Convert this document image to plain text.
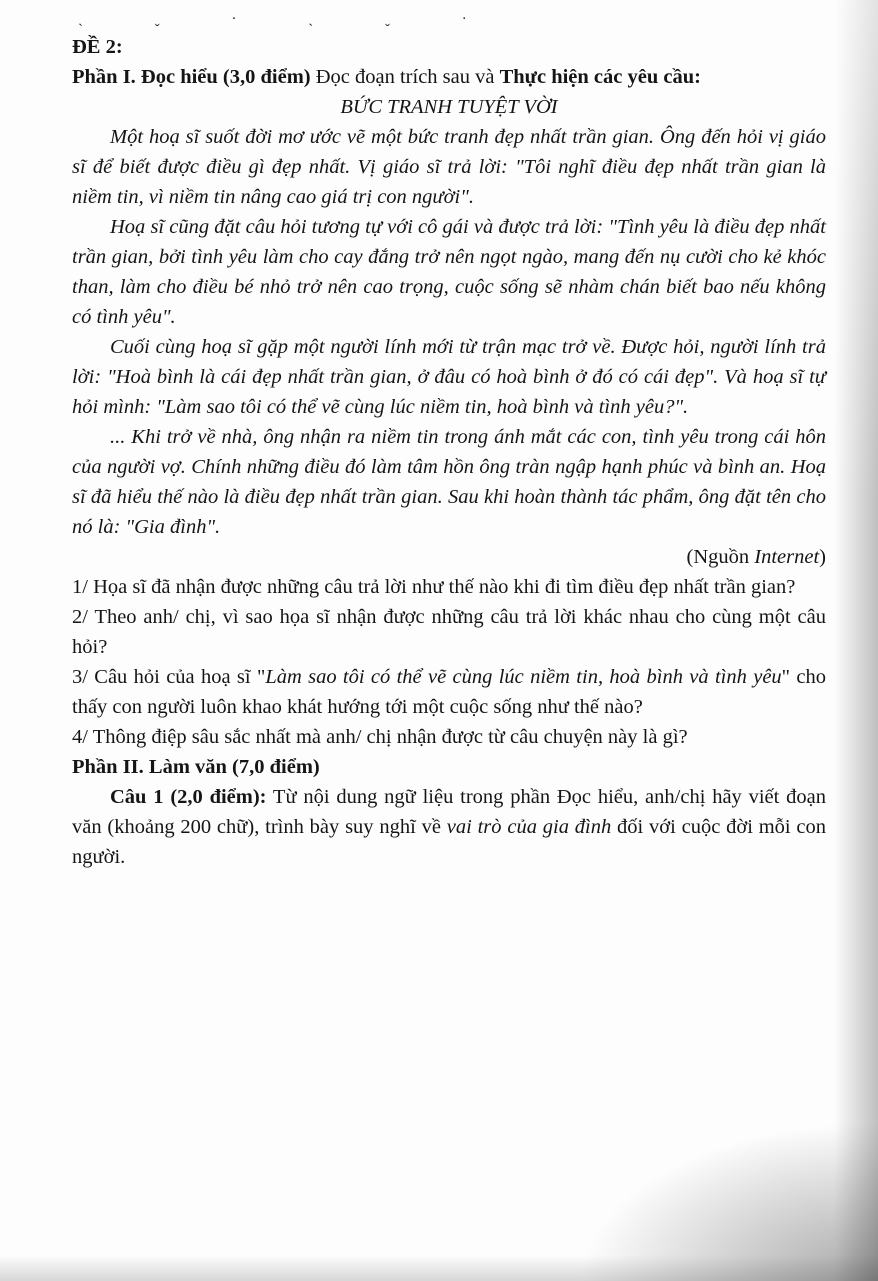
ˏ ˬ · ˏ ˬ ·

ĐỀ 2:

Phần I. Đọc hiểu (3,0 điểm) Đọc đoạn trích sau và Thực hiện các yêu cầu:

BỨC TRANH TUYỆT VỜI

Một hoạ sĩ suốt đời mơ ước vẽ một bức tranh đẹp nhất trần gian. Ông đến hỏi vị giáo sĩ để biết được điều gì đẹp nhất. Vị giáo sĩ trả lời: "Tôi nghĩ điều đẹp nhất trần gian là niềm tin, vì niềm tin nâng cao giá trị con người".

Hoạ sĩ cũng đặt câu hỏi tương tự với cô gái và được trả lời: "Tình yêu là điều đẹp nhất trần gian, bởi tình yêu làm cho cay đắng trở nên ngọt ngào, mang đến nụ cười cho kẻ khóc than, làm cho điều bé nhỏ trở nên cao trọng, cuộc sống sẽ nhàm chán biết bao nếu không có tình yêu".

Cuối cùng hoạ sĩ gặp một người lính mới từ trận mạc trở về. Được hỏi, người lính trả lời: "Hoà bình là cái đẹp nhất trần gian, ở đâu có hoà bình ở đó có cái đẹp". Và hoạ sĩ tự hỏi mình: "Làm sao tôi có thể vẽ cùng lúc niềm tin, hoà bình và tình yêu?".

... Khi trở về nhà, ông nhận ra niềm tin trong ánh mắt các con, tình yêu trong cái hôn của người vợ. Chính những điều đó làm tâm hồn ông tràn ngập hạnh phúc và bình an. Hoạ sĩ đã hiểu thế nào là điều đẹp nhất trần gian. Sau khi hoàn thành tác phẩm, ông đặt tên cho nó là: "Gia đình".

(Nguồn Internet)

1/ Họa sĩ đã nhận được những câu trả lời như thế nào khi đi tìm điều đẹp nhất trần gian?

2/ Theo anh/ chị, vì sao họa sĩ nhận được những câu trả lời khác nhau cho cùng một câu hỏi?

3/ Câu hỏi của hoạ sĩ "Làm sao tôi có thể vẽ cùng lúc niềm tin, hoà bình và tình yêu" cho thấy con người luôn khao khát hướng tới một cuộc sống như thế nào?

4/ Thông điệp sâu sắc nhất mà anh/ chị nhận được từ câu chuyện này là gì?

Phần II. Làm văn (7,0 điểm)

Câu 1 (2,0 điểm): Từ nội dung ngữ liệu trong phần Đọc hiểu, anh/chị hãy viết đoạn văn (khoảng 200 chữ), trình bày suy nghĩ về vai trò của gia đình đối với cuộc đời mỗi con người.
